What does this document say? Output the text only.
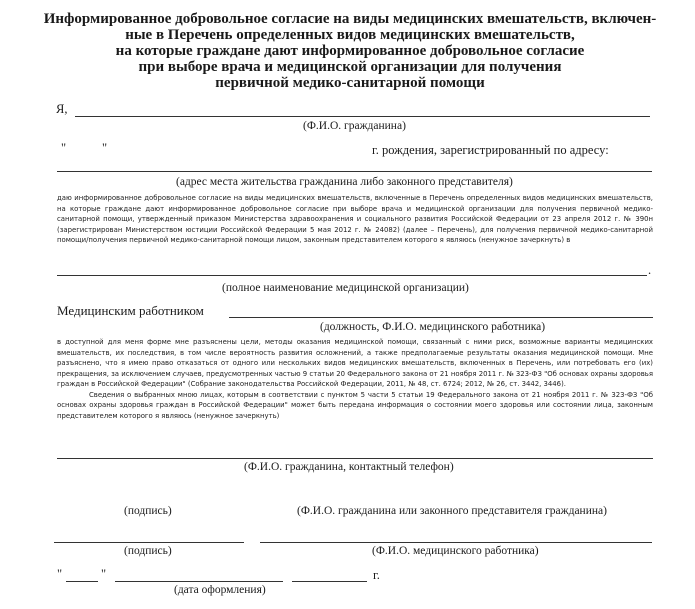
Информированное добровольное согласие на виды медицинских вмешательств, включен-
ные в Перечень определенных видов медицинских вмешательств,
на которые граждане дают информированное добровольное согласие
при выборе врача и медицинской организации для получения
первичной медико-санитарной помощи
Я,
(Ф.И.О. гражданина)
"	"	г. рождения, зарегистрированный по адресу:
(адрес места жительства гражданина либо законного представителя)

даю информированное добровольное согласие на виды медицинских вмешательств, включенные в Перечень определенных видов медицинских вмешательств, на которые граждане дают информированное добровольное согласие при выборе врача и медицинской организации для получения первичной медико-санитарной помощи, утвержденный приказом Министерства здравоохранения и социального развития Российской Федерации от 23 апреля 2012 г. № 390н (зарегистрирован Министерством юстиции Российской Федерации 5 мая 2012 г. № 24082) (далее – Перечень), для получения первичной медико-санитарной помощи/получения первичной медико-санитарной помощи лицом, законным представителем которого я являюсь (ненужное зачеркнуть) в

.
(полное наименование медицинской организации)
Медицинским работником
(должность, Ф.И.О. медицинского работника)

в доступной для меня форме мне разъяснены цели, методы оказания медицинской помощи, связанный с ними риск, возможные варианты медицинских вмешательств, их последствия, в том числе вероятность развития осложнений, а также предполагаемые результаты оказания медицинской помощи. Мне разъяснено, что я имею право отказаться от одного или нескольких видов медицинских вмешательств, включенных в Перечень, или потребовать его (их) прекращения, за исключением случаев, предусмотренных частью 9 статьи 20 Федерального закона от 21 ноября 2011 г. № 323-ФЗ "Об основах охраны здоровья граждан в Российской Федерации" (Собрание законодательства Российской Федерации, 2011, № 48, ст. 6724; 2012, № 26, ст. 3442, 3446).

Сведения о выбранных мною лицах, которым в соответствии с пунктом 5 части 5 статьи 19 Федерального закона от 21 ноября 2011 г. № 323-ФЗ "Об основах охраны здоровья граждан в Российской Федерации" может быть передана информация о состоянии моего здоровья или состоянии лица, законным представителем которого я являюсь (ненужное зачеркнуть)

(Ф.И.О. гражданина, контактный телефон)
(подпись)	(Ф.И.О. гражданина или законного представителя гражданина)
(подпись)	(Ф.И.О. медицинского работника)
"	"	г.
(дата оформления)
